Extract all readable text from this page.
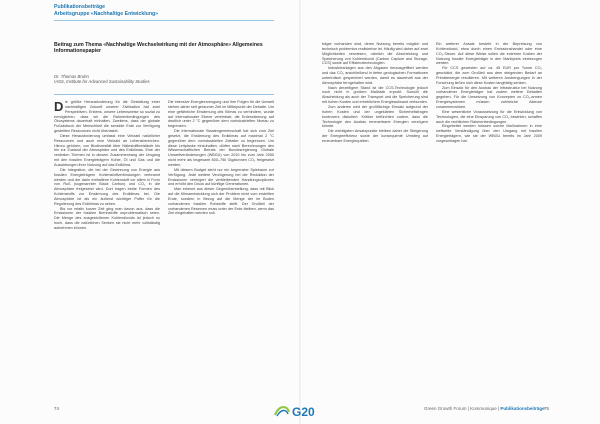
Publikationsbeiträge
Arbeitsgruppe «Nachhaltige Entwicklung»
Beitrag zum Thema «Nachhaltige Wechselwirkung mit der Atmosphäre» Allgemeines Informationspapier
Dr. Thomas Bruhn
IASS, Institute for Advanced Sustainability Studies

Die größte Herausforderung für die Gestaltung einer nachhaltigen Zukunft unserer Zivilisation hat zwei Perspektiven. Erstens, unsere Lebensweise so sozial zu ermöglichen, dass wir die Rahmenbedingungen des Ökosystems dauerhaft einhalten. Zweitens, dass der globale Fußabdruck der Menschheit die sensible Erde zur Verfügung gestellten Ressourcen nicht überlastet.

Diese Herausforderung umfasst eine Vielzahl natürlicher Ressourcen und auch eine Vielzahl an Lebensbereichen. Hierzu gehören, von Biodiversität über Nährstoffkreisläufe bis hin zur Zustand der Atmosphäre und des Erdklimas. Eine der zentralen Themen ist in diesem Zusammenhang der Umgang mit den fossilen Energieträgern Kohle, Öl und Gas und die Auswirkungen ihrer Nutzung auf das Erdklima.

Die Integration, die bei der Gewinnung von Energie aus fossilen Energieträgern Kohlenstoffverbindungen verbrannt werden und der darin enthaltene Kohlenstoff vor allem in Form von Ruß (sogenannter Black Carbon) und CO₂ in die Atmosphäre freigesetzt wird. Dort tragen beide Formen des Kohlenstoffs zur Erwärmung des Erdklimas bei. Die Atmosphäre ist als ein äußerst wichtiger Puffer für die Regulierung des Erdklimas zu sehen.

Bis vor relativ kurzer Zeit ging man davon aus, dass die Emissionen der fossilen Brennstoffe unproblematisch seien. Die Menge des ausgestoßenen Kohlendioxids ist jedoch so hoch, dass die natürlichen Senken sie nicht mehr vollständig aufnehmen können.

Die intensive Energieerzeugung und ihre Folgen für die Umwelt stehen daher seit geraumer Zeit im Mittelpunkt der Debatte. Um eine gefährliche Erwärmung des Klimas zu verhindern, wurde auf internationaler Ebene vereinbart, die Erderwärmung auf deutlich unter 2 °C gegenüber dem vorindustriellen Niveau zu begrenzen.

Die internationale Staatengemeinschaft hat sich zum Ziel gesetzt, die Erwärmung des Erdklimas auf maximal 2 °C gegenüber dem vorindustriellen Zeitalter zu begrenzen. Um diese Leitplanke einzuhalten, dürfen nach Berechnungen des Wissenschaftlichen Beirats der Bundesregierung Globale Umweltveränderungen (WBGU) von 2010 bis zum Jahr 2050 nicht mehr als insgesamt 600–750 Gigatonnen CO₂ freigesetzt werden.

Mit diesem Budget steht nur ein begrenzter Spielraum zur Verfügung. Jede weitere Verzögerung bei der Reduktion der Emissionen verringert die verbleibenden Handlungsoptionen und erhöht den Druck auf künftige Generationen.

Man erkennt aus dieser Gegenüberstellung, dass mit Blick auf die Klimaentwicklung sich der Problem nicht vom erstellten Ende, sondern in Bezug auf die Menge der im Boden vorhandenen fossilen Rohstoffe stellt. Der Großteil der vorhandenen Reserven muss unter der Erde bleiben, wenn das Ziel eingehalten werden soll.

träger vorhanden sind, deren Nutzung bereits möglich und technisch problemlos realisierbar ist. Häufig wird daher auf zwei Möglichkeiten verwiesen, nämlich die Abscheidung und Speicherung von Kohlendioxid (Carbon Capture and Storage, CCS) sowie auf Effizienztechnologien.

Industrieanlagen aus den Abgasen herausgefiltert werden und das CO₂ anschließend in tiefen geologischen Formationen unterirdisch gespeichert werden, damit es dauerhaft aus der Atmosphäre ferngehalten wird.

Nach derzeitigem Stand ist die CCS-Technologie jedoch noch nicht in großem Maßstab erprobt. Sowohl die Abscheidung als auch der Transport und die Speicherung sind mit hohen Kosten und erheblichem Energieaufwand verbunden.

Zum anderen wird der großflächige Einsatz aufgrund der hohen Kosten und der ungeklärten Sicherheitsfragen kontrovers diskutiert. Kritiker befürchten zudem, dass die Technologie den Ausbau erneuerbarer Energien verzögern könnte.

Die wichtigsten Ansatzpunkte bleiben daher die Steigerung der Energieeffizienz sowie der konsequente Umstieg auf erneuerbare Energiequellen.

Ein weiterer Ansatz besteht in der Bepreisung von Kohlendioxid, etwa durch einen Emissionshandel oder eine CO₂-Steuer. Auf diese Weise sollen die externen Kosten der Nutzung fossiler Energieträger in den Marktpreis einbezogen werden.

Für CCS gesetzten auf ca. 45 EUR pro Tonne CO₂ geschätzt, die zum Großteil aus dem steigenden Bedarf an Primärenergie resultieren. Mit weiteren Anstrengungen in der Forschung ließen sich diese Kosten langfristig senken.

Zum Einsatz für den Ausbau der Infrastruktur bei Nutzung vorhandener Energieträger hat zudem weitere Debatten gegeben. Für die Umsetzung von Konzepten zu CO₂-armen Energiesystemen müssen zahlreiche Akteure zusammenwirken.

Eine wesentliche Voraussetzung für die Entwicklung von Technologien, die eine Einsparung von CO₂ bewirken, schaffen auch die rechtlichen Rahmenbedingungen.

Eingebettet werden müssen solche Maßnahmen in eine weltweite Verständigung über den Umgang mit fossilen Energieträgern, wie sie der WBGU bereits im Jahr 2009 vorgeschlagen hat.

74	75
G20	Green Growth Forum | Kommunique | Publikationsbeiträge
